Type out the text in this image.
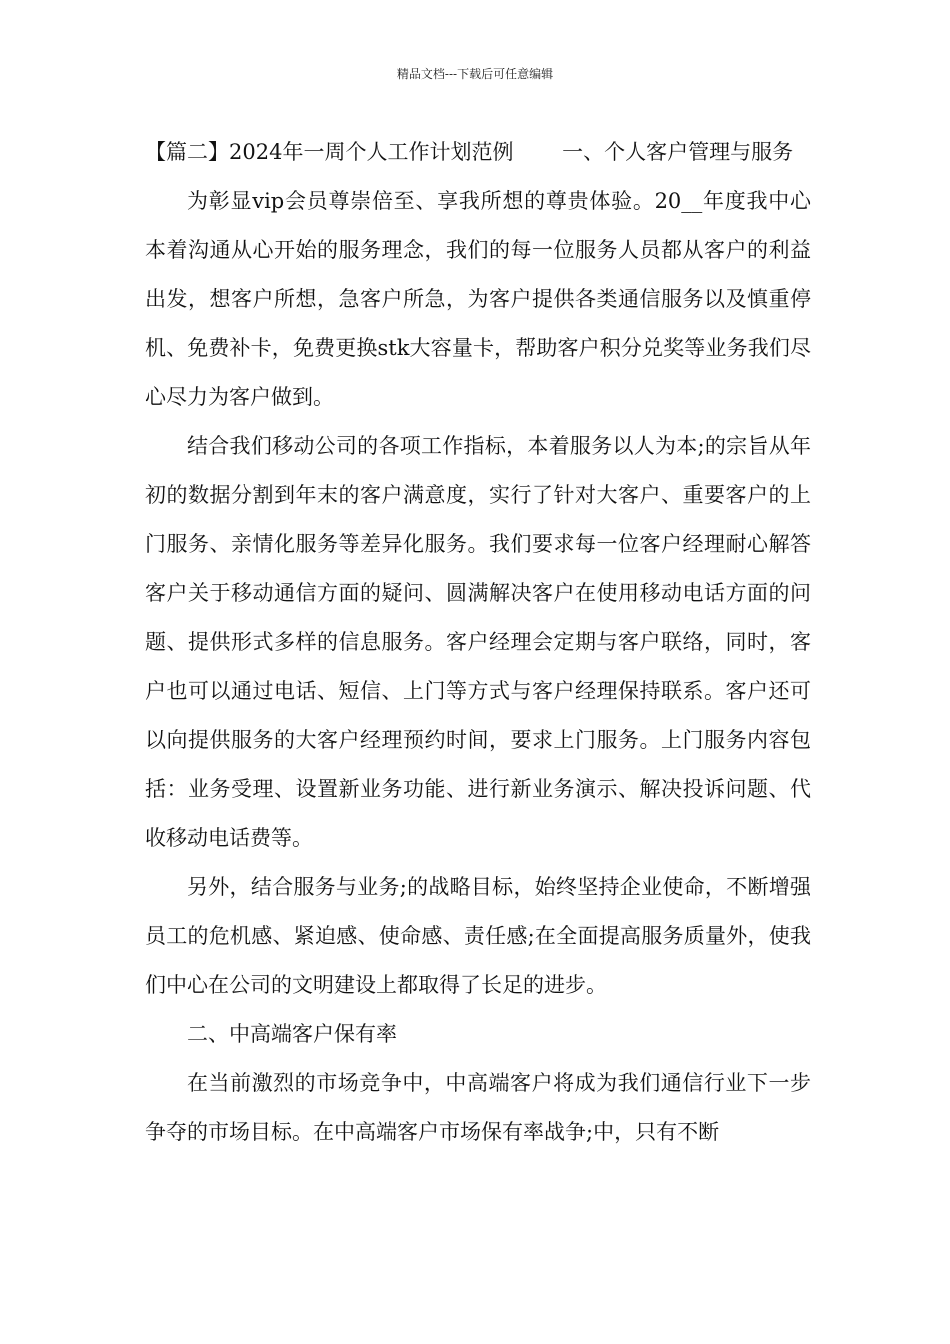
精品文档---下载后可任意编辑

【篇二】2024年一周个人工作计划范例　　 一、个人客户管理与服务

为彰显vip会员尊崇倍至、享我所想的尊贵体验。20__年度我中心本着沟通从心开始的服务理念，我们的每一位服务人员都从客户的利益出发，想客户所想，急客户所急，为客户提供各类通信服务以及慎重停机、免费补卡，免费更换stk大容量卡，帮助客户积分兑奖等业务我们尽心尽力为客户做到。

结合我们移动公司的各项工作指标，本着服务以人为本;的宗旨从年初的数据分割到年末的客户满意度，实行了针对大客户、重要客户的上门服务、亲情化服务等差异化服务。我们要求每一位客户经理耐心解答客户关于移动通信方面的疑问、圆满解决客户在使用移动电话方面的问题、提供形式多样的信息服务。客户经理会定期与客户联络，同时，客户也可以通过电话、短信、上门等方式与客户经理保持联系。客户还可以向提供服务的大客户经理预约时间，要求上门服务。上门服务内容包括：业务受理、设置新业务功能、进行新业务演示、解决投诉问题、代收移动电话费等。

另外，结合服务与业务;的战略目标，始终坚持企业使命，不断增强员工的危机感、紧迫感、使命感、责任感;在全面提高服务质量外，使我们中心在公司的文明建设上都取得了长足的进步。

二、中高端客户保有率

在当前激烈的市场竞争中，中高端客户将成为我们通信行业下一步争夺的市场目标。在中高端客户市场保有率战争;中，只有不断
